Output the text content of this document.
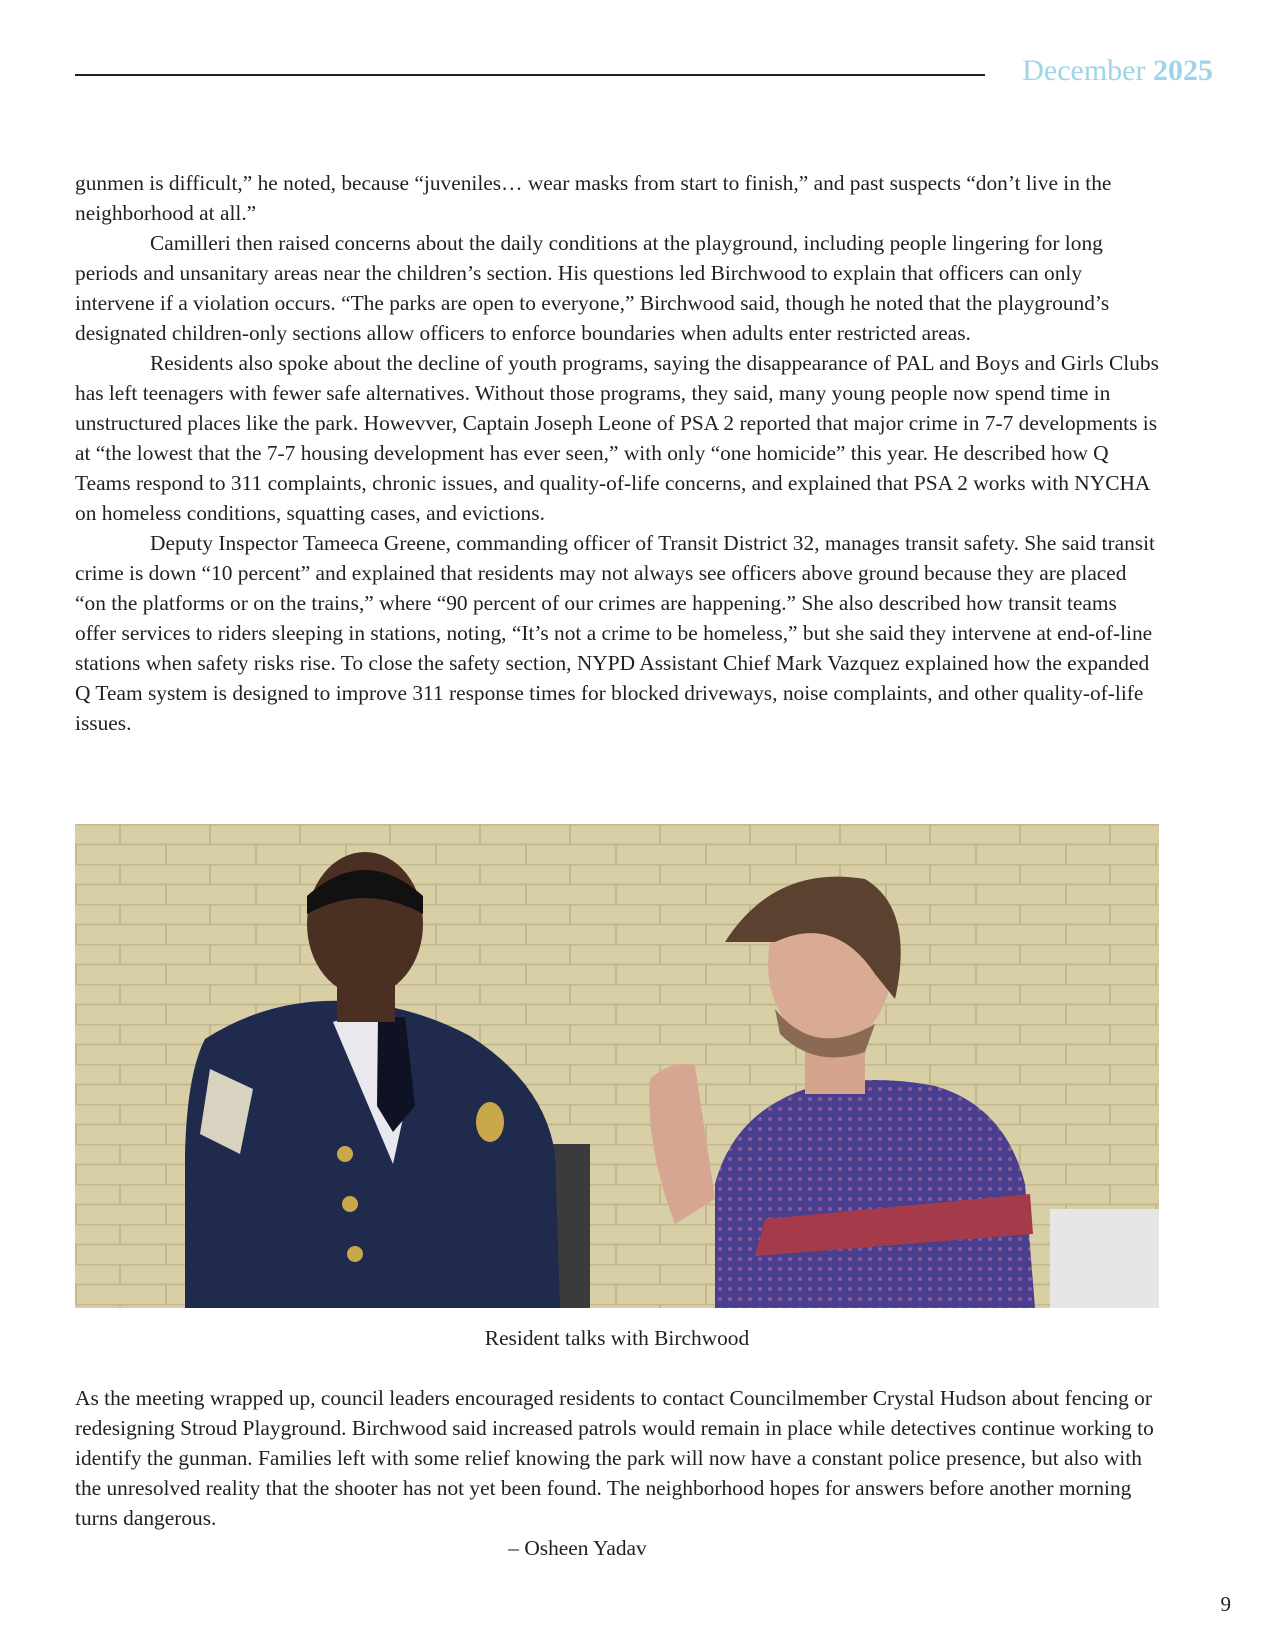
December 2025

gunmen is difficult,” he noted, because “juveniles… wear masks from start to finish,” and past suspects “don’t live in the neighborhood at all.”

Camilleri then raised concerns about the daily conditions at the playground, including people lingering for long periods and unsanitary areas near the children’s section. His questions led Birchwood to explain that officers can only intervene if a violation occurs. “The parks are open to everyone,” Birchwood said, though he noted that the playground’s designated children-only sections allow officers to enforce boundaries when adults enter restricted areas.

Residents also spoke about the decline of youth programs, saying the disappearance of PAL and Boys and Girls Clubs has left teenagers with fewer safe alternatives. Without those programs, they said, many young people now spend time in unstructured places like the park. Howevver, Captain Joseph Leone of PSA 2 reported that major crime in 7-7 developments is at “the lowest that the 7-7 housing development has ever seen,” with only “one homicide” this year. He described how Q Teams respond to 311 complaints, chronic issues, and quality-of-life concerns, and explained that PSA 2 works with NYCHA on homeless conditions, squatting cases, and evictions.

Deputy Inspector Tameeca Greene, commanding officer of Transit District 32, manages transit safety. She said transit crime is down “10 percent” and explained that residents may not always see officers above ground because they are placed “on the platforms or on the trains,” where “90 percent of our crimes are happening.” She also described how transit teams offer services to riders sleeping in stations, noting, “It’s not a crime to be homeless,” but she said they intervene at end-of-line stations when safety risks rise. To close the safety section, NYPD Assistant Chief Mark Vazquez explained how the expanded Q Team system is designed to improve 311 response times for blocked driveways, noise complaints, and other quality-of-life issues.

Resident talks with Birchwood

As the meeting wrapped up, council leaders encouraged residents to contact Councilmember Crystal Hudson about fencing or redesigning Stroud Playground. Birchwood said increased patrols would remain in place while detectives continue working to identify the gunman. Families left with some relief knowing the park will now have a constant police presence, but also with the unresolved reality that the shooter has not yet been found. The neighborhood hopes for answers before another morning turns dangerous.

– Osheen Yadav
9
